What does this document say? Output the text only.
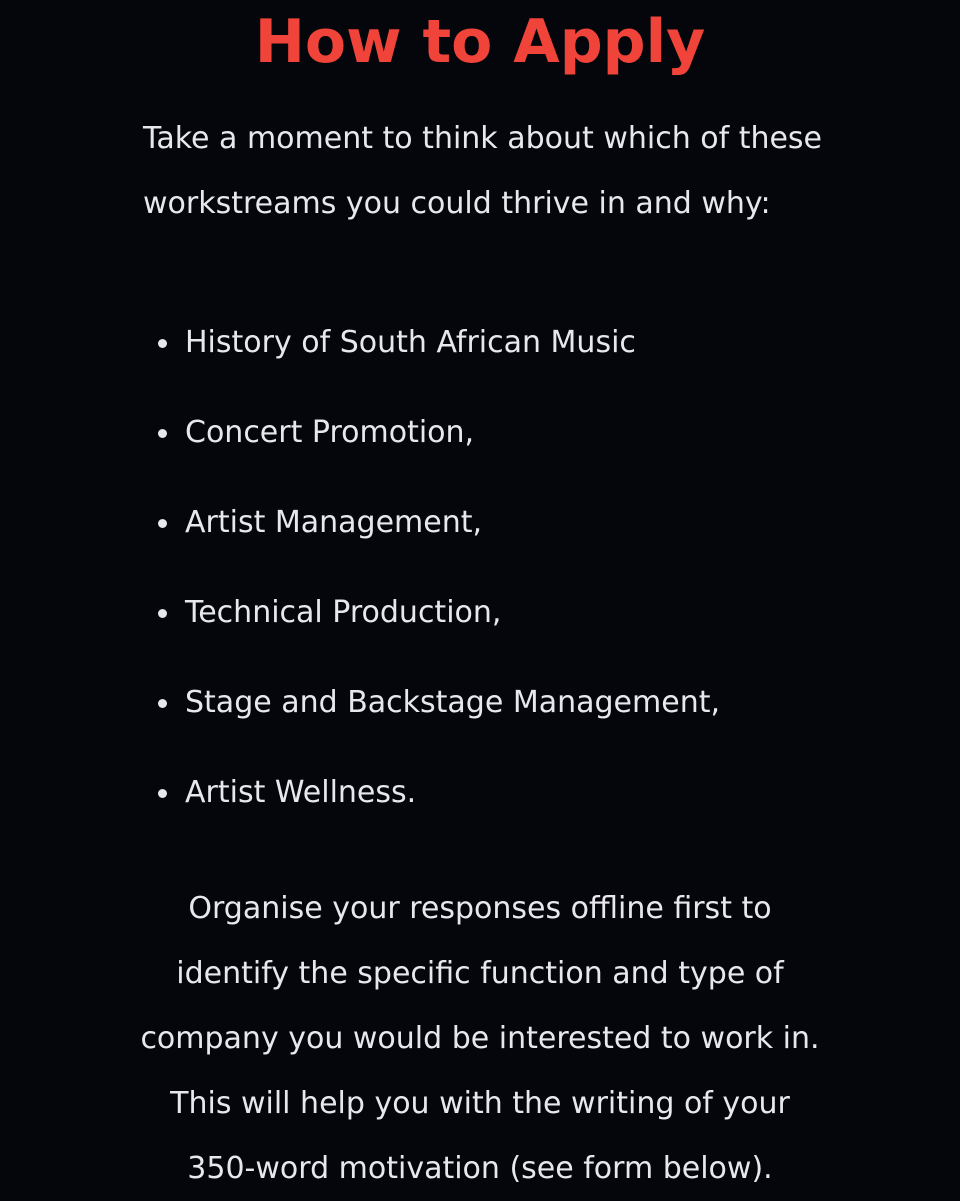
How to Apply

Take a moment to think about which of these
workstreams you could thrive in and why:

History of South African Music
Concert Promotion,
Artist Management,
Technical Production,
Stage and Backstage Management,
Artist Wellness.

Organise your responses offline first to
identify the specific function and type of
company you would be interested to work in.
This will help you with the writing of your
350-word motivation (see form below).
